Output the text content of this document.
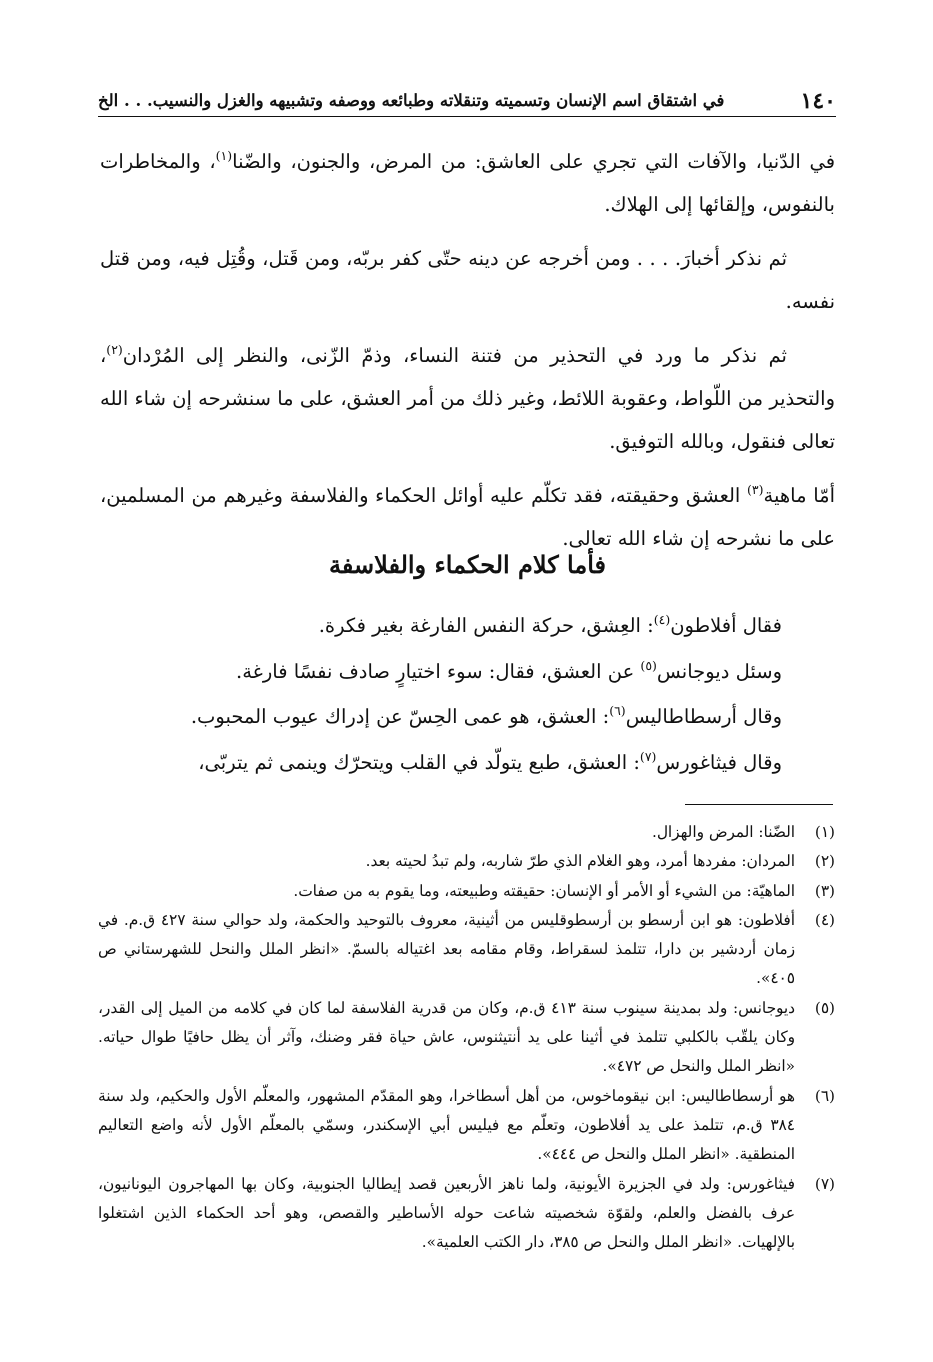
١٤٠
في اشتقاق اسم الإنسان وتسميته وتنقلاته وطبائعه ووصفه وتشبيهه والغزل والنسيب. . . الخ

في الدّنيا، والآفات التي تجري على العاشق: من المرض، والجنون، والضّنا$^{(١)}$، والمخاطرات بالنفوس، وإلقائها إلى الهلاك.

ثم نذكر أخبارَ. . . . ومن أخرجه عن دينه حتّى كفر بربّه، ومن قَتل، وقُتِل فيه، ومن قتل نفسه.

ثم نذكر ما ورد في التحذير من فتنة النساء، وذمّ الزّنى، والنظر إلى المُرْدان$^{(٢)}$، والتحذير من اللّواط، وعقوبة اللائط، وغير ذلك من أمر العشق، على ما سنشرحه إن شاء الله تعالى فنقول، وبالله التوفيق.

أمّا ماهية$^{(٣)}$ العشق وحقيقته، فقد تكلّم عليه أوائل الحكماء والفلاسفة وغيرهم من المسلمين، على ما نشرحه إن شاء الله تعالى.

فأما كلام الحكماء والفلاسفة

فقال أفلاطون$^{(٤)}$: العِشق، حركة النفس الفارغة بغير فكرة.

وسئل ديوجانس$^{(٥)}$ عن العشق، فقال: سوء اختيارٍ صادف نفسًا فارغة.

وقال أرسطاطاليس$^{(٦)}$: العشق، هو عمى الحِسّ عن إدراك عيوب المحبوب.

وقال فيثاغورس$^{(٧)}$: العشق، طبع يتولّد في القلب ويتحرّك وينمى ثم يتربّى،

(١)
الضّنا: المرض والهزال.
(٢)
المردان: مفردها أمرد، وهو الغلام الذي طرّ شاربه، ولم تبدُ لحيته بعد.
(٣)
الماهيّة: من الشيء أو الأمر أو الإنسان: حقيقته وطبيعته، وما يقوم به من صفات.
(٤)
أفلاطون: هو ابن أرسطو بن أرسطوقليس من أثينية، معروف بالتوحيد والحكمة، ولد حوالي سنة ٤٢٧ ق.م. في زمان أردشير بن دارا، تتلمذ لسقراط، وقام مقامه بعد اغتياله بالسمّ. «انظر الملل والنحل للشهرستاني ص ٤٠٥».
(٥)
ديوجانس: ولد بمدينة سينوب سنة ٤١٣ ق.م، وكان من قدرية الفلاسفة لما كان في كلامه من الميل إلى القدر، وكان يلقّب بالكلبي تتلمذ في أثينا على يد أنتيثنوس، عاش حياة فقر وضنك، وآثر أن يظل حافيًا طوال حياته. «انظر الملل والنحل ص ٤٧٢».
(٦)
هو أرسطاطاليس: ابن نيقوماخوس، من أهل أسطاخرا، وهو المقدّم المشهور، والمعلّم الأول والحكيم، ولد سنة ٣٨٤ ق.م، تتلمذ على يد أفلاطون، وتعلّم مع فيليس أبي الإسكندر، وسمّي بالمعلّم الأول لأنه واضع التعاليم المنطقية. «انظر الملل والنحل ص ٤٤٤».
(٧)
فيثاغورس: ولد في الجزيرة الأيونية، ولما ناهز الأربعين قصد إيطاليا الجنوبية، وكان بها المهاجرون اليونانيون، عرف بالفضل والعلم، ولقوّة شخصيته شاعت حوله الأساطير والقصص، وهو أحد الحكماء الذين اشتغلوا بالإلهيات. «انظر الملل والنحل ص ٣٨٥، دار الكتب العلمية».
